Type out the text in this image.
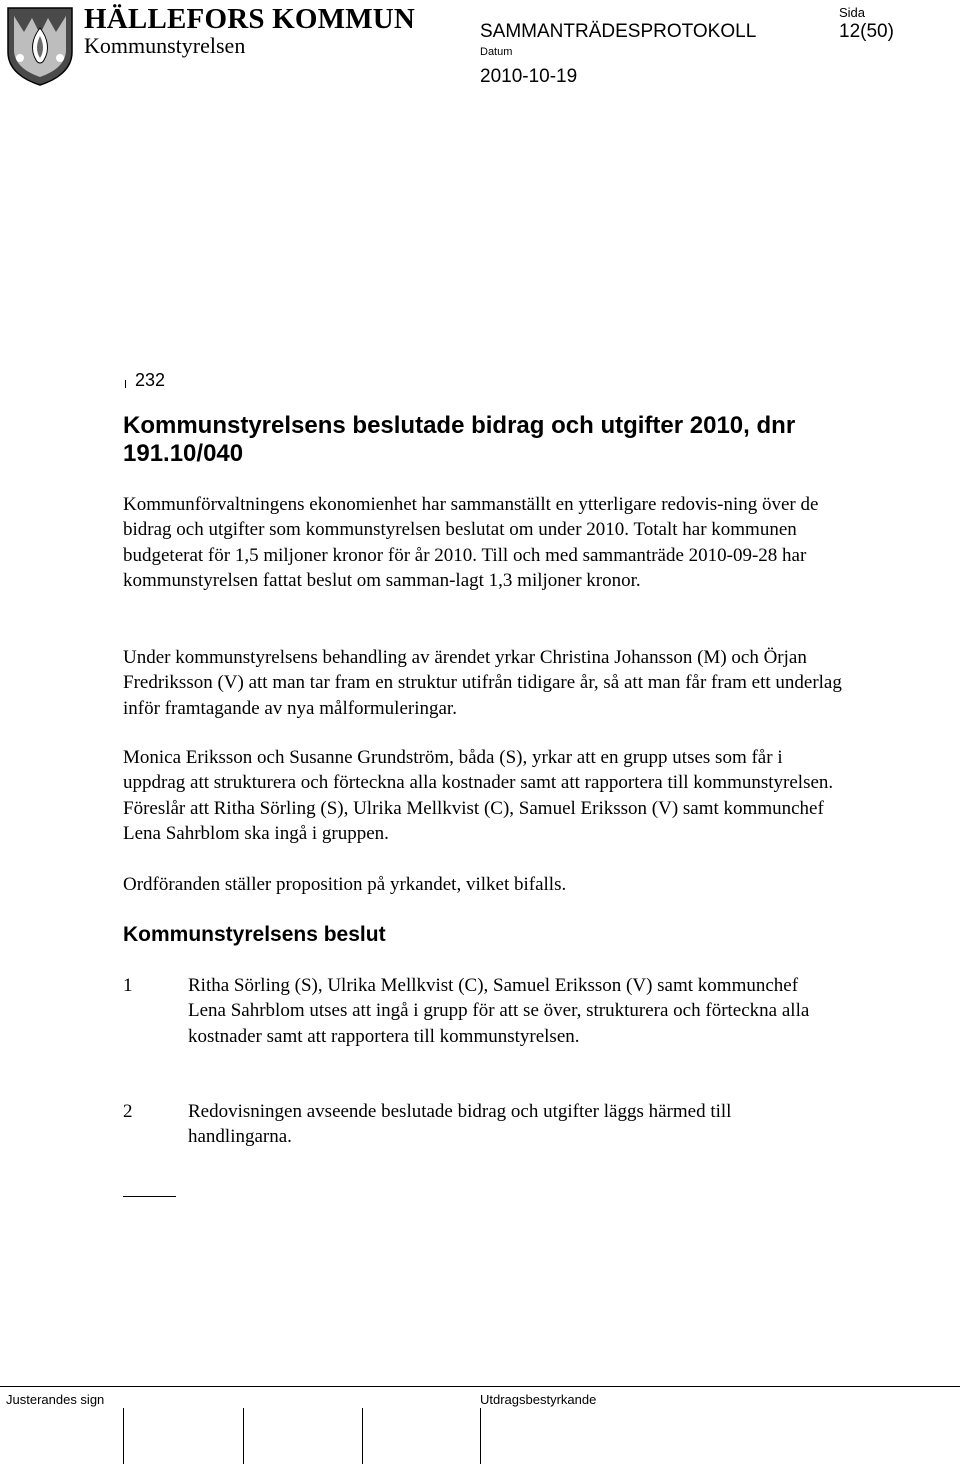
HÄLLEFORS KOMMUN
Kommunstyrelsen
SAMMANTRÄDESPROTOKOLL
Sida
12(50)
Datum
2010-10-19
232
Kommunstyrelsens beslutade bidrag och utgifter 2010, dnr 191.10/040
Kommunförvaltningens ekonomienhet har sammanställt en ytterligare redovis-ning över de bidrag och utgifter som kommunstyrelsen beslutat om under 2010. Totalt har kommunen budgeterat för 1,5 miljoner kronor för år 2010. Till och med sammanträde 2010-09-28 har kommunstyrelsen fattat beslut om samman-lagt 1,3 miljoner kronor.
Under kommunstyrelsens behandling av ärendet yrkar Christina Johansson (M) och Örjan Fredriksson (V) att man tar fram en struktur utifrån tidigare år, så att man får fram ett underlag inför framtagande av nya målformuleringar.
Monica Eriksson och Susanne Grundström, båda (S), yrkar att en grupp utses som får i uppdrag att strukturera och förteckna alla kostnader samt att rapportera till kommunstyrelsen. Föreslår att Ritha Sörling (S), Ulrika Mellkvist (C), Samuel Eriksson (V) samt kommunchef Lena Sahrblom ska ingå i gruppen.
Ordföranden ställer proposition på yrkandet, vilket bifalls.
Kommunstyrelsens beslut
1	Ritha Sörling (S), Ulrika Mellkvist (C), Samuel Eriksson (V) samt kommunchef Lena Sahrblom utses att ingå i grupp för att se över, strukturera och förteckna alla kostnader samt att rapportera till kommunstyrelsen.
2	Redovisningen avseende beslutade bidrag och utgifter läggs härmed till handlingarna.
Justerandes sign	Utdragsbestyrkande
